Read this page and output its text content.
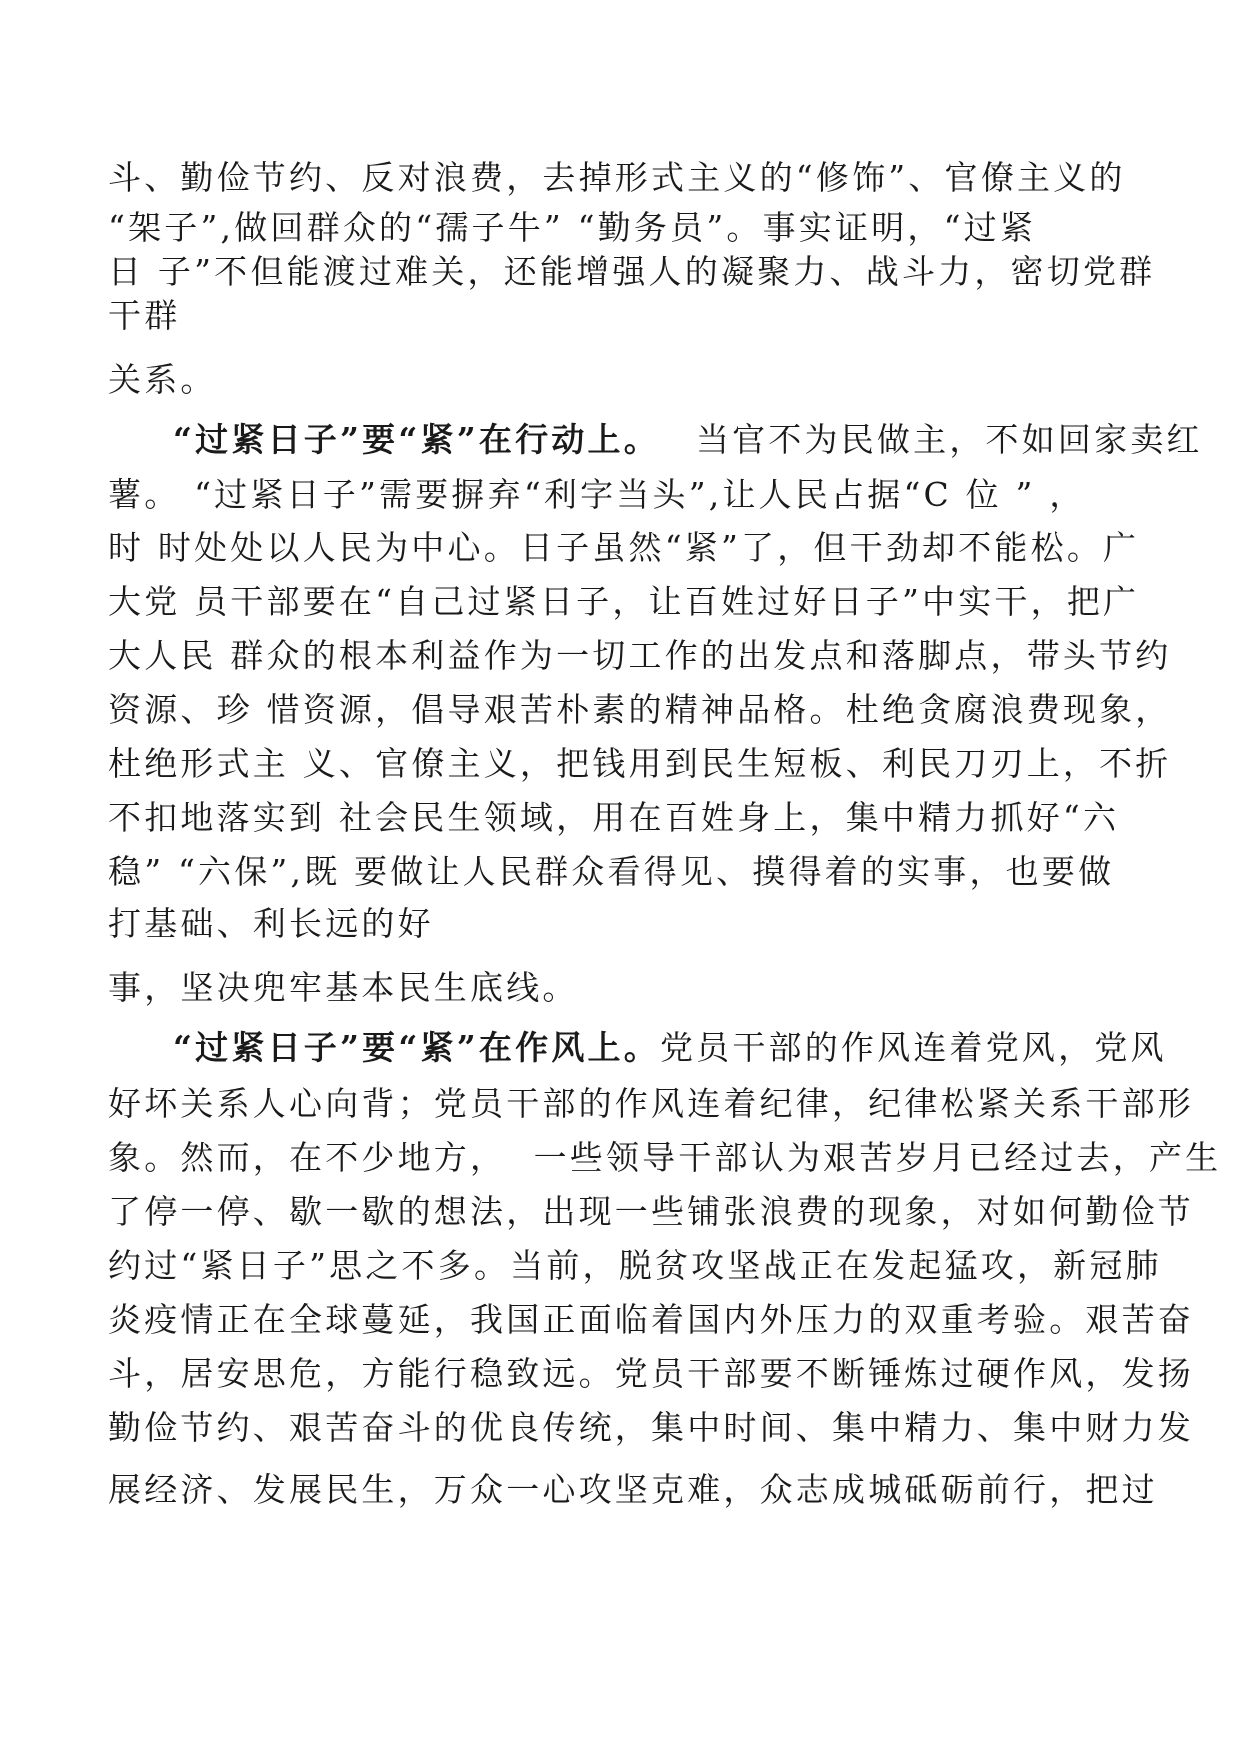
斗、勤俭节约、反对浪费，去掉形式主义的“修饰”、官僚主义的
“架子”,做回群众的“孺子牛” “勤务员”。事实证明，“过紧
日 子”不但能渡过难关，还能增强人的凝聚力、战斗力，密切党群
干群
关系。
“过紧日子”要“紧”在行动上。 当官不为民做主，不如回家卖红
薯。 “过紧日子”需要摒弃“利字当头”,让人民占据“C 位 ” ，
时 时处处以人民为中心。日子虽然“紧”了，但干劲却不能松。广
大党 员干部要在“自己过紧日子，让百姓过好日子”中实干，把广
大人民 群众的根本利益作为一切工作的出发点和落脚点，带头节约
资源、珍 惜资源，倡导艰苦朴素的精神品格。杜绝贪腐浪费现象，
杜绝形式主 义、官僚主义，把钱用到民生短板、利民刀刃上，不折
不扣地落实到 社会民生领域，用在百姓身上，集中精力抓好“六
稳” “六保”,既 要做让人民群众看得见、摸得着的实事，也要做
打基础、利长远的好
事，坚决兜牢基本民生底线。
“过紧日子”要“紧”在作风上。党员干部的作风连着党风，党风
好坏关系人心向背；党员干部的作风连着纪律，纪律松紧关系干部形
象。然而，在不少地方，  一些领导干部认为艰苦岁月已经过去，产生
了停一停、歇一歇的想法，出现一些铺张浪费的现象，对如何勤俭节
约过“紧日子”思之不多。当前，脱贫攻坚战正在发起猛攻，新冠肺
炎疫情正在全球蔓延，我国正面临着国内外压力的双重考验。艰苦奋
斗，居安思危，方能行稳致远。党员干部要不断锤炼过硬作风，发扬
勤俭节约、艰苦奋斗的优良传统，集中时间、集中精力、集中财力发
展经济、发展民生，万众一心攻坚克难，众志成城砥砺前行，把过
